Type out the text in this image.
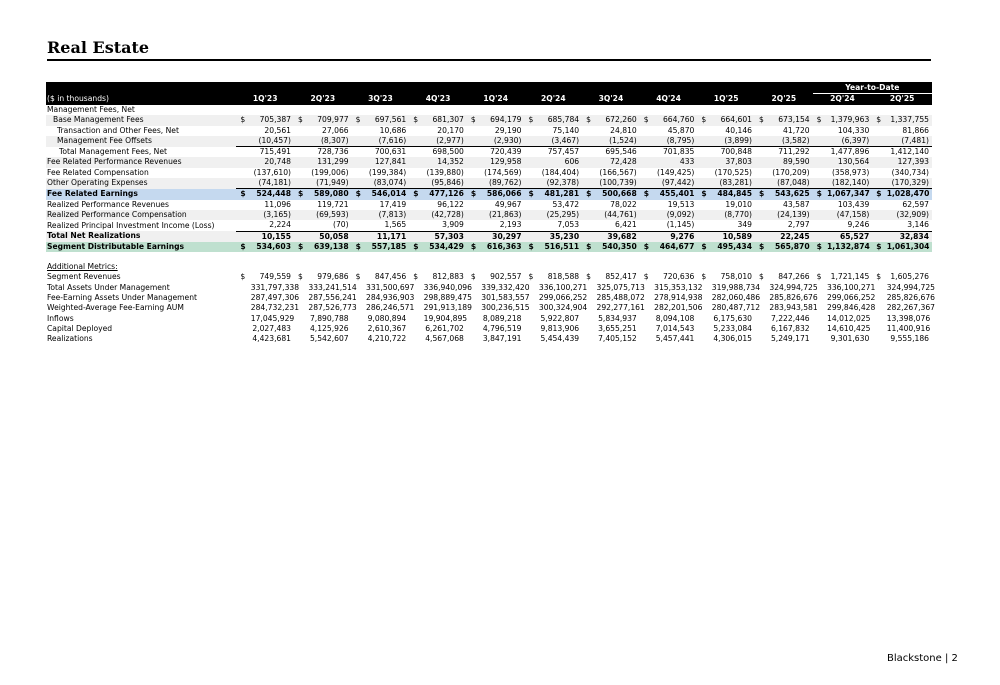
Real Estate
																					Year-to-Date			
($ in thousands)	1Q'23		2Q'23		3Q'23		4Q'23		1Q'24		2Q'24		3Q'24		4Q'24		1Q'25		2Q'25		2Q'24		2Q'25	
Management Fees, Net																								
Base Management Fees	$	705,387	$	709,977	$	697,561	$	681,307	$	694,179	$	685,784	$	672,260	$	664,760	$	664,601	$	673,154	$	1,379,963	$	1,337,755
Transaction and Other Fees, Net		20,561		27,066		10,686		20,170		29,190		75,140		24,810		45,870		40,146		41,720		104,330		81,866
Management Fee Offsets		(10,457)		(8,307)		(7,616)		(2,977)		(2,930)		(3,467)		(1,524)		(8,795)		(3,899)		(3,582)		(6,397)		(7,481)
Total Management Fees, Net		715,491		728,736		700,631		698,500		720,439		757,457		695,546		701,835		700,848		711,292		1,477,896		1,412,140
Fee Related Performance Revenues		20,748		131,299		127,841		14,352		129,958		606		72,428		433		37,803		89,590		130,564		127,393
Fee Related Compensation		(137,610)		(199,006)		(199,384)		(139,880)		(174,569)		(184,404)		(166,567)		(149,425)		(170,525)		(170,209)		(358,973)		(340,734)
Other Operating Expenses		(74,181)		(71,949)		(83,074)		(95,846)		(89,762)		(92,378)		(100,739)		(97,442)		(83,281)		(87,048)		(182,140)		(170,329)
Fee Related Earnings	$	524,448	$	589,080	$	546,014	$	477,126	$	586,066	$	481,281	$	500,668	$	455,401	$	484,845	$	543,625	$	1,067,347	$	1,028,470
Realized Performance Revenues		11,096		119,721		17,419		96,122		49,967		53,472		78,022		19,513		19,010		43,587		103,439		62,597
Realized Performance Compensation		(3,165)		(69,593)		(7,813)		(42,728)		(21,863)		(25,295)		(44,761)		(9,092)		(8,770)		(24,139)		(47,158)		(32,909)
Realized Principal Investment Income (Loss)		2,224		(70)		1,565		3,909		2,193		7,053		6,421		(1,145)		349		2,797		9,246		3,146
Total Net Realizations		10,155		50,058		11,171		57,303		30,297		35,230		39,682		9,276		10,589		22,245		65,527		32,834
Segment Distributable Earnings	$	534,603	$	639,138	$	557,185	$	534,429	$	616,363	$	516,511	$	540,350	$	464,677	$	495,434	$	565,870	$	1,132,874	$	1,061,304

Additional Metrics:																								
Segment Revenues	$	749,559	$	979,686	$	847,456	$	812,883	$	902,557	$	818,588	$	852,417	$	720,636	$	758,010	$	847,266	$	1,721,145	$	1,605,276
Total Assets Under Management		331,797,338		333,241,514		331,500,697		336,940,096		339,332,420		336,100,271		325,075,713		315,353,132		319,988,734		324,994,725		336,100,271		324,994,725
Fee-Earning Assets Under Management		287,497,306		287,556,241		284,936,903		298,889,475		301,583,557		299,066,252		285,488,072		278,914,938		282,060,486		285,826,676		299,066,252		285,826,676
Weighted-Average Fee-Earning AUM		284,732,231		287,526,773		286,246,571		291,913,189		300,236,515		300,324,904		292,277,161		282,201,506		280,487,712		283,943,581		299,846,428		282,267,367
Inflows		17,045,929		7,890,788		9,080,894		19,904,895		8,089,218		5,922,807		5,834,937		8,094,108		6,175,630		7,222,446		14,012,025		13,398,076
Capital Deployed		2,027,483		4,125,926		2,610,367		6,261,702		4,796,519		9,813,906		3,655,251		7,014,543		5,233,084		6,167,832		14,610,425		11,400,916
Realizations		4,423,681		5,542,607		4,210,722		4,567,068		3,847,191		5,454,439		7,405,152		5,457,441		4,306,015		5,249,171		9,301,630		9,555,186
Blackstone | 2
